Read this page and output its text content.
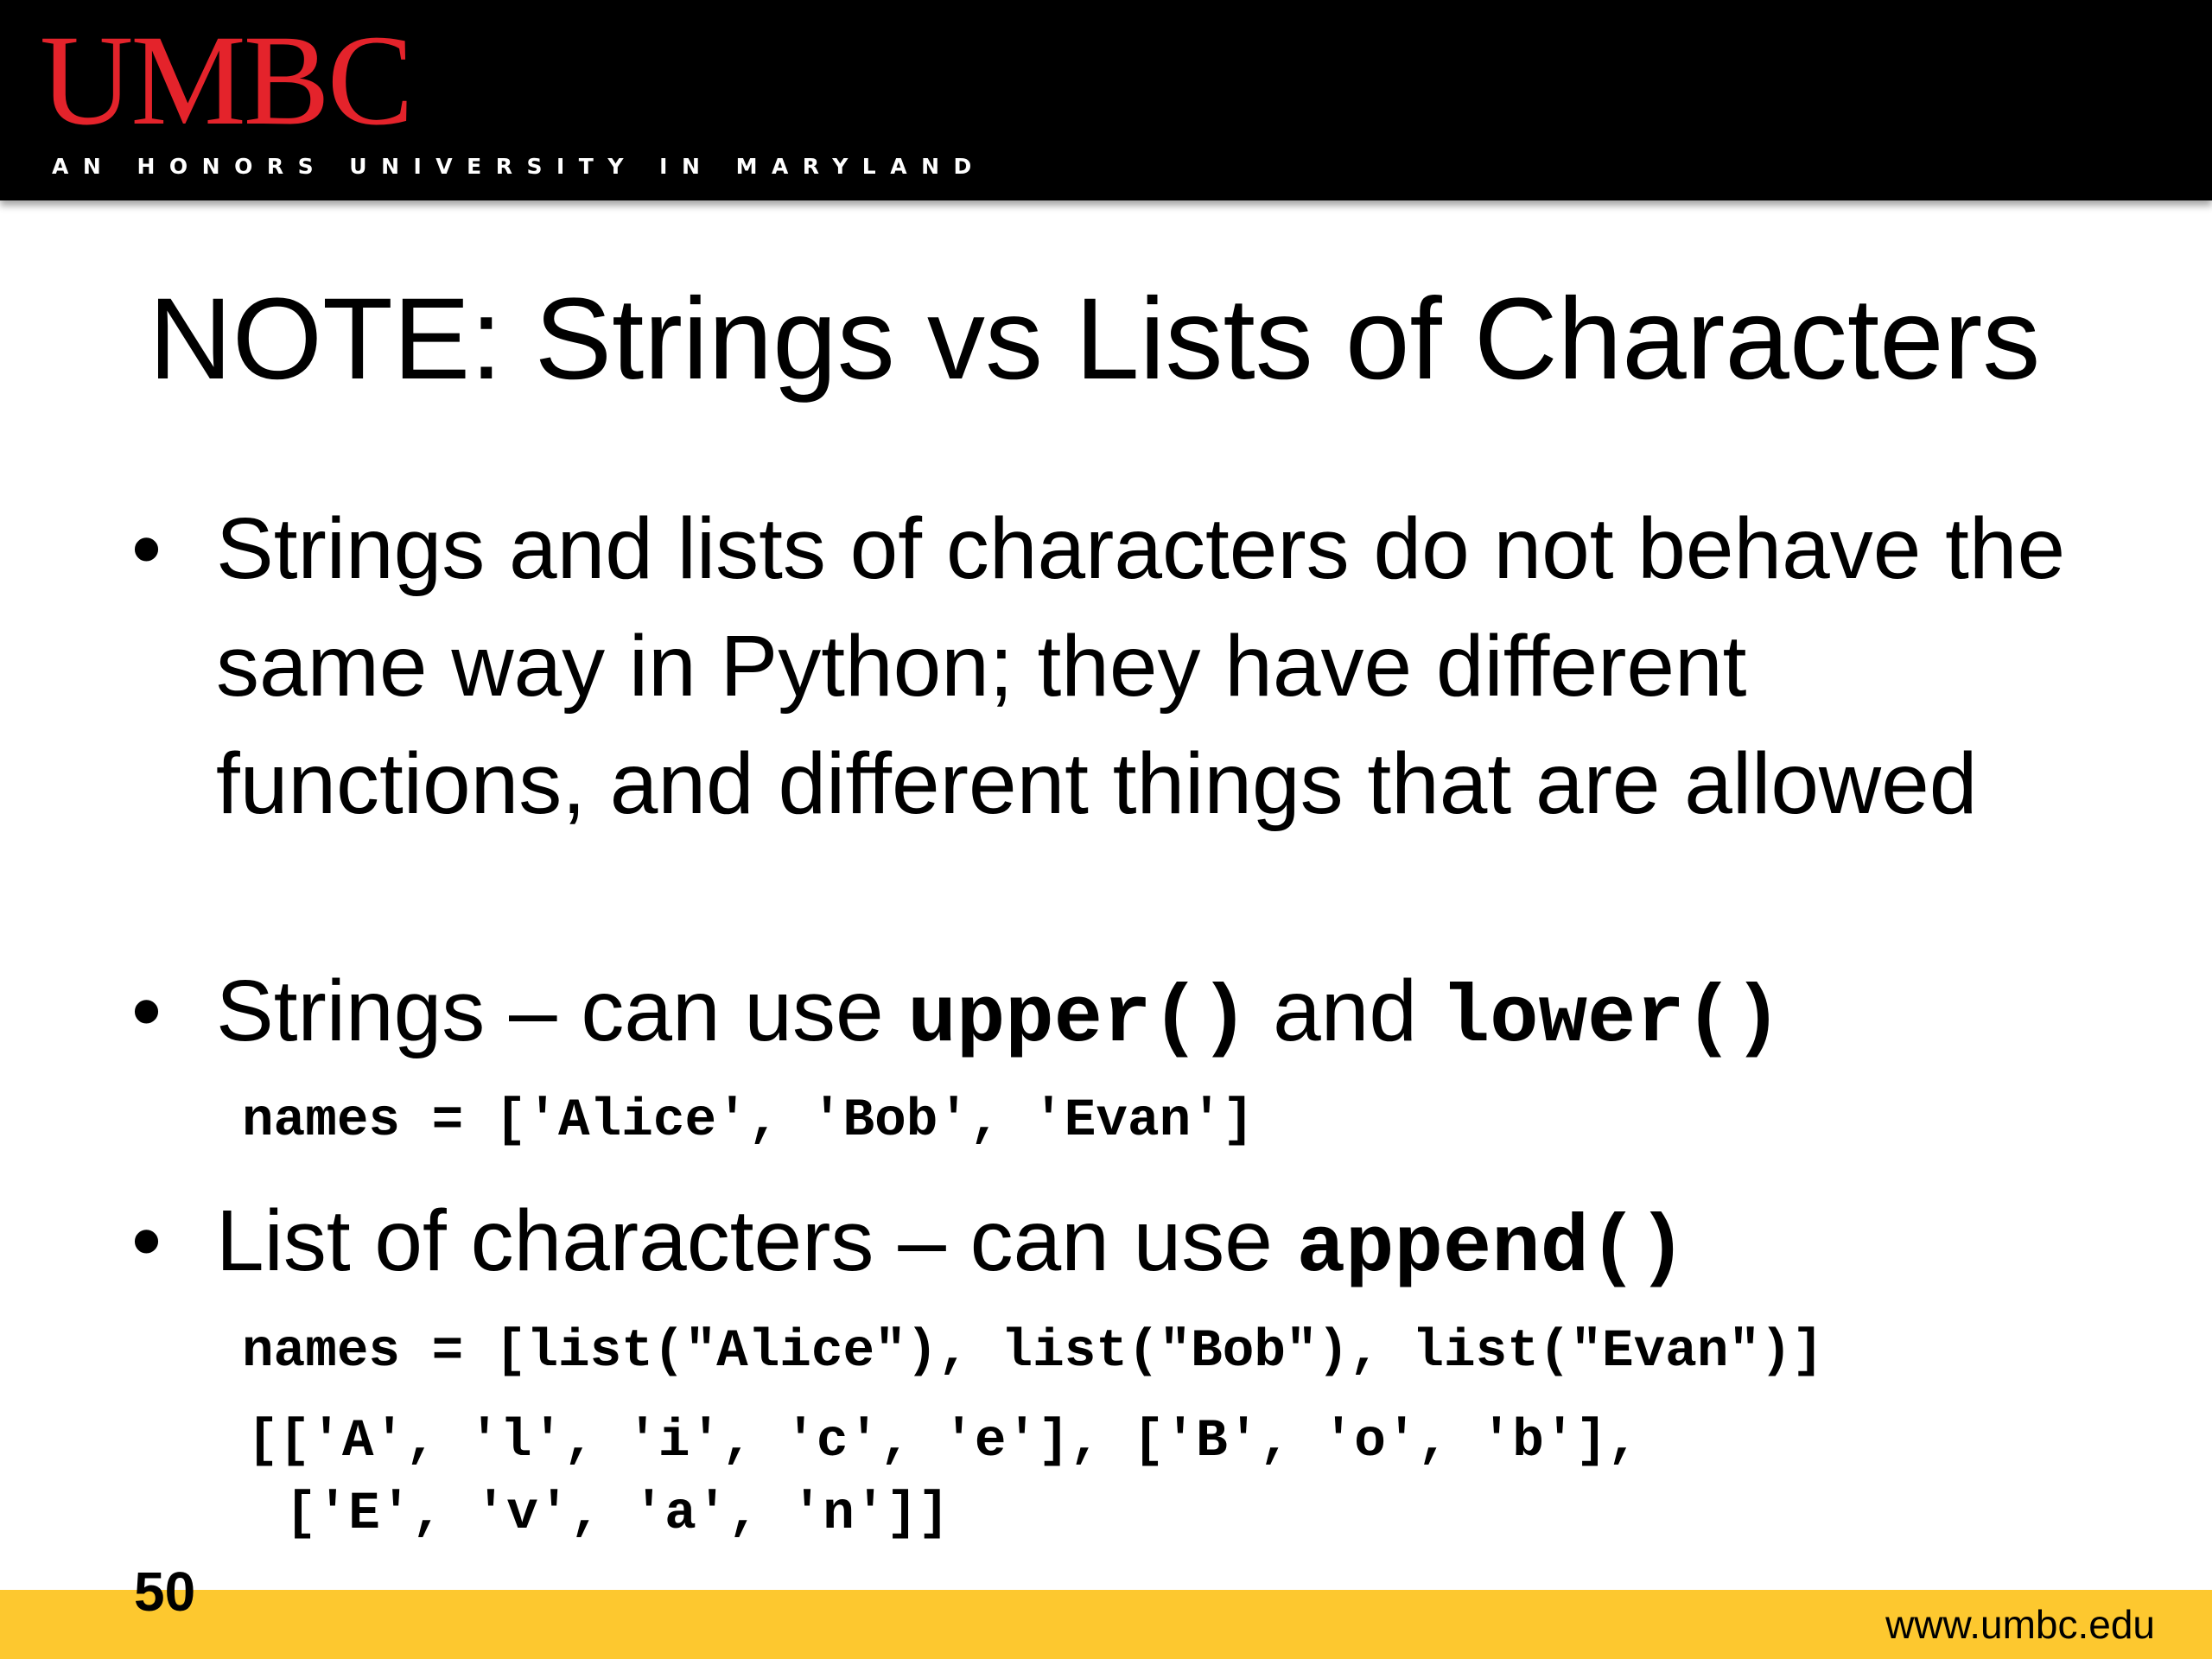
UMBC
AN HONORS UNIVERSITY IN MARYLAND
NOTE: Strings vs Lists of Characters
• Strings and lists of characters do not behave the
same way in Python; they have different
functions, and different things that are allowed
• Strings – can use upper() and lower()
names = ['Alice', 'Bob', 'Evan']
• List of characters – can use append()
names = [list("Alice"), list("Bob"), list("Evan")]
[['A', 'l', 'i', 'c', 'e'], ['B', 'o', 'b'],
['E', 'v', 'a', 'n']]
50
www.umbc.edu
